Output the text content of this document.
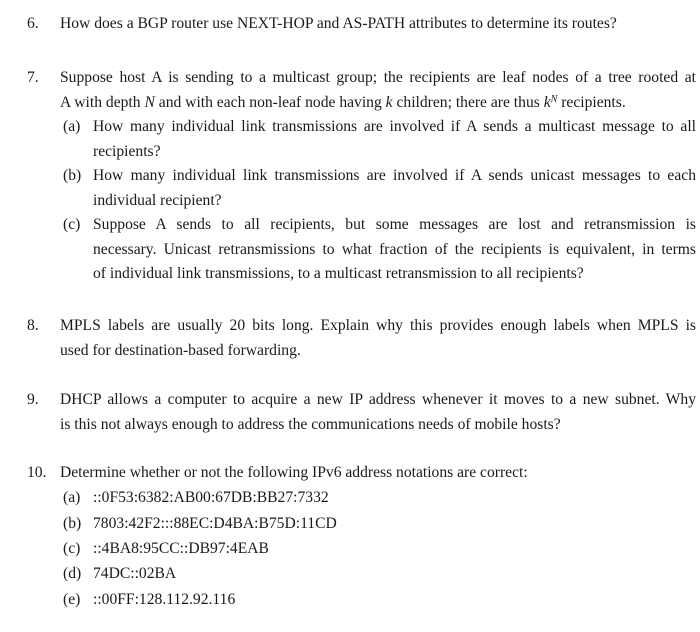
6. How does a BGP router use NEXT-HOP and AS-PATH attributes to determine its routes?
7. Suppose host A is sending to a multicast group; the recipients are leaf nodes of a tree rooted at
A with depth N and with each non-leaf node having k children; there are thus $k^N$ recipients.
(a) How many individual link transmissions are involved if A sends a multicast message to all
recipients?
(b) How many individual link transmissions are involved if A sends unicast messages to each
individual recipient?
(c) Suppose A sends to all recipients, but some messages are lost and retransmission is
necessary. Unicast retransmissions to what fraction of the recipients is equivalent, in terms
of individual link transmissions, to a multicast retransmission to all recipients?
8. MPLS labels are usually 20 bits long. Explain why this provides enough labels when MPLS is
used for destination-based forwarding.
9. DHCP allows a computer to acquire a new IP address whenever it moves to a new subnet. Why
is this not always enough to address the communications needs of mobile hosts?
10. Determine whether or not the following IPv6 address notations are correct:
(a) ::0F53:6382:AB00:67DB:BB27:7332
(b) 7803:42F2:::88EC:D4BA:B75D:11CD
(c) ::4BA8:95CC::DB97:4EAB
(d) 74DC::02BA
(e) ::00FF:128.112.92.116
